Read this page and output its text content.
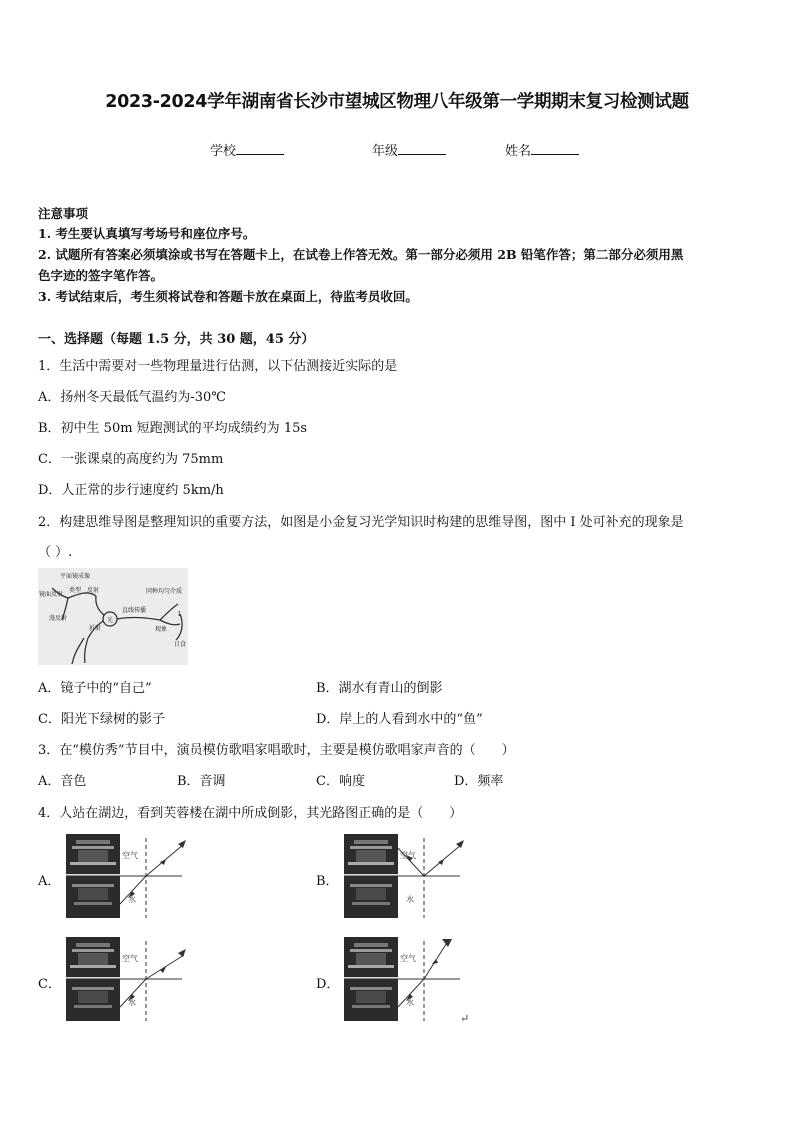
2023-2024学年湖南省长沙市望城区物理八年级第一学期期末复习检测试题
学校	年级	姓名
注意事项
1. 考生要认真填写考场号和座位序号。
2. 试题所有答案必须填涂或书写在答题卡上，在试卷上作答无效。第一部分必须用 2B 铅笔作答；第二部分必须用黑
色字迹的签字笔作答。
3. 考试结束后，考生须将试卷和答题卡放在桌面上，待监考员收回。
一、选择题（每题 1.5 分，共 30 题，45 分）
1．生活中需要对一些物理量进行估测，以下估测接近实际的是
A．扬州冬天最低气温约为-30℃
B．初中生 50m 短跑测试的平均成绩约为 15s
C．一张课桌的高度约为 75mm
D．人正常的步行速度约 5km/h
2．构建思维导图是整理知识的重要方法，如图是小金复习光学知识时构建的思维导图，图中 I 处可补充的现象是
（ ）.
平面镜成像
类型 反射
镜面反射
漫反射
折射
直线传播
同种均匀介质
现象
I
日食
光
A．镜子中的“自己”	B．湖水有青山的倒影
C．阳光下绿树的影子	D．岸上的人看到水中的“鱼”
3．在“模仿秀”节目中，演员模仿歌唱家唱歌时，主要是模仿歌唱家声音的（　　）
A．音色	B．音调	C．响度	D．频率
4．人站在湖边，看到芙蓉楼在湖中所成倒影，其光路图正确的是（　　）
A．
空气
水
B．
空气
水
C．
空气
水
D．
空气
水
↵
